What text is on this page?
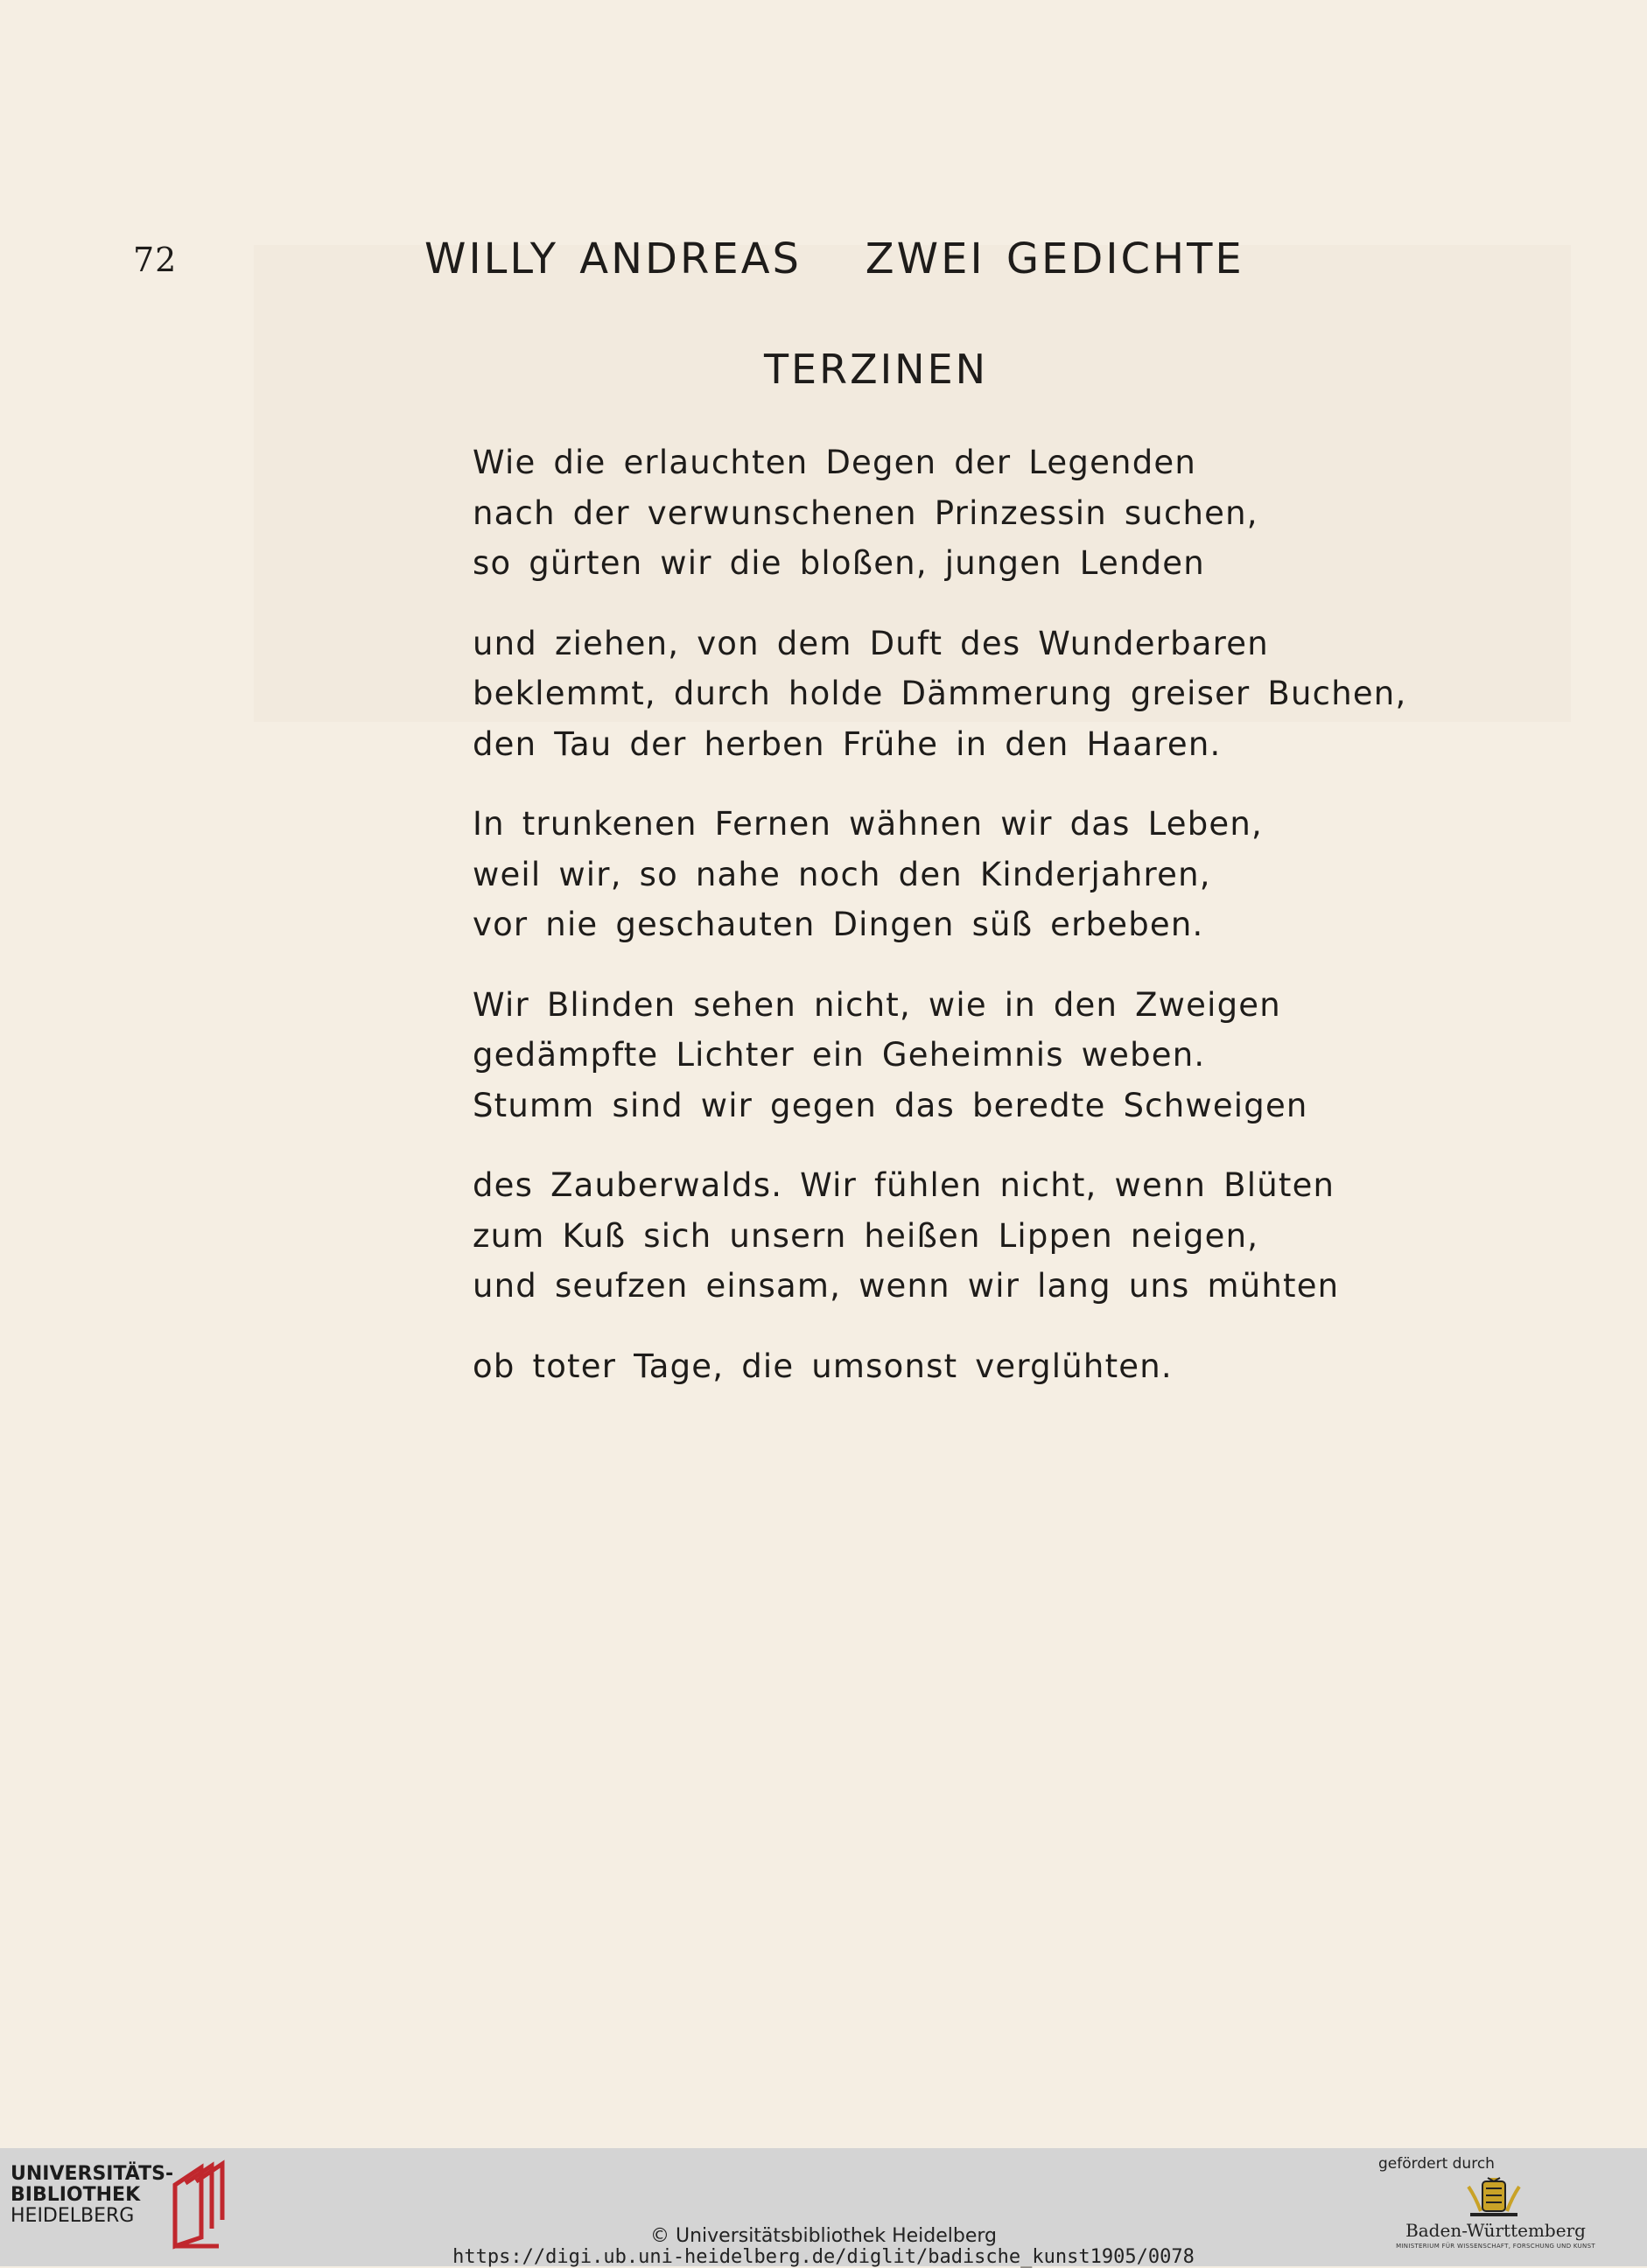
72	WILLY ANDREAS   ZWEI GEDICHTE
TERZINEN
Wie die erlauchten Degen der Legenden
nach der verwunschenen Prinzessin suchen,
so gürten wir die bloßen, jungen Lenden
und ziehen, von dem Duft des Wunderbaren
beklemmt, durch holde Dämmerung greiser Buchen,
den Tau der herben Frühe in den Haaren.
In trunkenen Fernen wähnen wir das Leben,
weil wir, so nahe noch den Kinderjahren,
vor nie geschauten Dingen süß erbeben.
Wir Blinden sehen nicht, wie in den Zweigen
gedämpfte Lichter ein Geheimnis weben.
Stumm sind wir gegen das beredte Schweigen
des Zauberwalds. Wir fühlen nicht, wenn Blüten
zum Kuß sich unsern heißen Lippen neigen,
und seufzen einsam, wenn wir lang uns mühten
ob toter Tage, die umsonst verglühten.
UNIVERSITÄTS-
BIBLIOTHEK
HEIDELBERG
© Universitätsbibliothek Heidelberg
https://digi.ub.uni-heidelberg.de/diglit/badische_kunst1905/0078
gefördert durch
Baden-Württemberg
MINISTERIUM FÜR WISSENSCHAFT, FORSCHUNG UND KUNST
